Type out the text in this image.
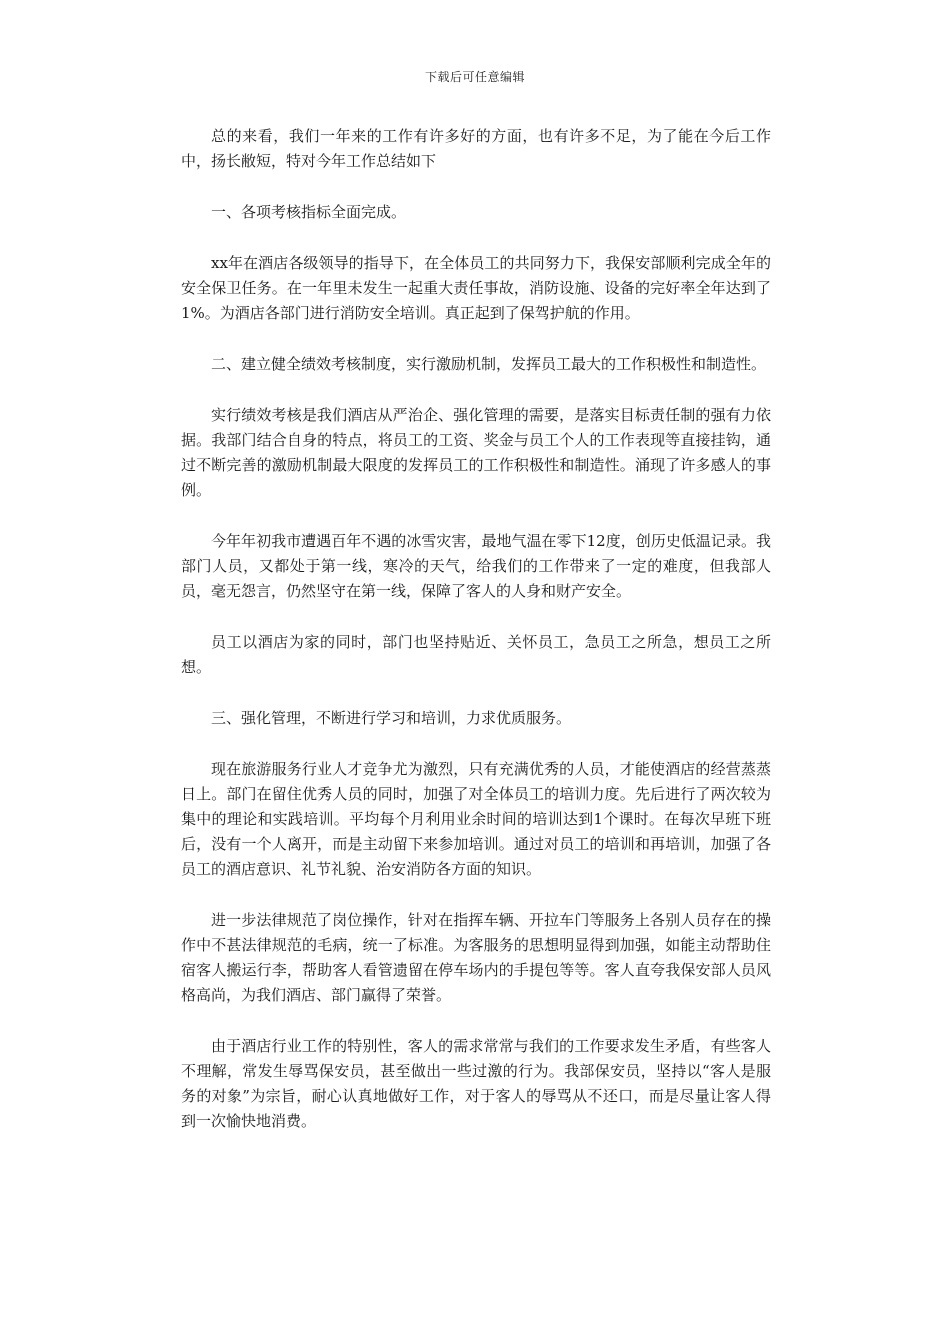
下载后可任意编辑

总的来看，我们一年来的工作有许多好的方面，也有许多不足，为了能在今后工作中，扬长敝短，特对今年工作总结如下

一、各项考核指标全面完成。

xx年在酒店各级领导的指导下，在全体员工的共同努力下，我保安部顺利完成全年的安全保卫任务。在一年里未发生一起重大责任事故，消防设施、设备的完好率全年达到了1%。为酒店各部门进行消防安全培训。真正起到了保驾护航的作用。

二、建立健全绩效考核制度，实行激励机制，发挥员工最大的工作积极性和制造性。

实行绩效考核是我们酒店从严治企、强化管理的需要，是落实目标责任制的强有力依据。我部门结合自身的特点，将员工的工资、奖金与员工个人的工作表现等直接挂钩，通过不断完善的激励机制最大限度的发挥员工的工作积极性和制造性。涌现了许多感人的事例。

今年年初我市遭遇百年不遇的冰雪灾害，最地气温在零下12度，创历史低温记录。我部门人员，又都处于第一线，寒冷的天气，给我们的工作带来了一定的难度，但我部人员，毫无怨言，仍然坚守在第一线，保障了客人的人身和财产安全。

员工以酒店为家的同时，部门也坚持贴近、关怀员工，急员工之所急，想员工之所想。

三、强化管理，不断进行学习和培训，力求优质服务。

现在旅游服务行业人才竞争尤为激烈，只有充满优秀的人员，才能使酒店的经营蒸蒸日上。部门在留住优秀人员的同时，加强了对全体员工的培训力度。先后进行了两次较为集中的理论和实践培训。平均每个月利用业余时间的培训达到1个课时。在每次早班下班后，没有一个人离开，而是主动留下来参加培训。通过对员工的培训和再培训，加强了各员工的酒店意识、礼节礼貌、治安消防各方面的知识。

进一步法律规范了岗位操作，针对在指挥车辆、开拉车门等服务上各别人员存在的操作中不甚法律规范的毛病，统一了标准。为客服务的思想明显得到加强，如能主动帮助住宿客人搬运行李，帮助客人看管遗留在停车场内的手提包等等。客人直夸我保安部人员风格高尚，为我们酒店、部门赢得了荣誉。

由于酒店行业工作的特别性，客人的需求常常与我们的工作要求发生矛盾，有些客人不理解，常发生辱骂保安员，甚至做出一些过激的行为。我部保安员，坚持以“客人是服务的对象”为宗旨，耐心认真地做好工作，对于客人的辱骂从不还口，而是尽量让客人得到一次愉快地消费。
